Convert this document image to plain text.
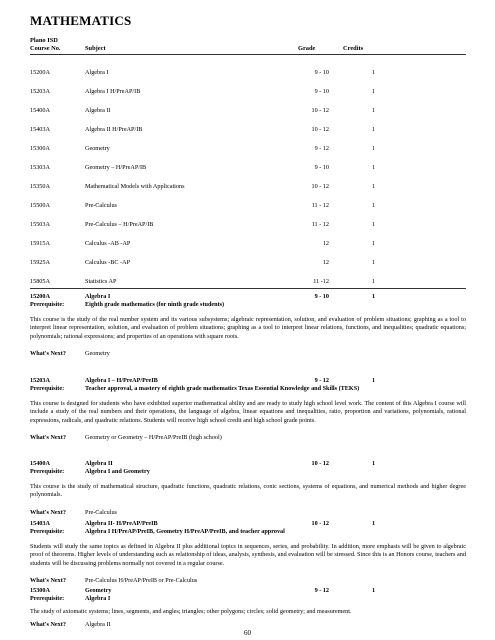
MATHEMATICS
Plano ISD
Course No.	Subject	Grade	Credits
15200A	Algebra I	9 - 10	1
15203A	Algebra I H/PreAP/IB	9 - 10	1
15400A	Algebra II	10 - 12	1
15403A	Algebra II H/PreAP/IB	10 - 12	1
15300A	Geometry	9 - 12	1
15303A	Geometry – H/PreAP/IB	9 - 10	1
15350A	Mathematical Models with Applications	10 - 12	1
15500A	Pre-Calculus	11 - 12	1
15503A	Pre-Calculus – H/PreAP/IB	11 - 12	1
15915A	Calculus -AB -AP	12	1
15925A	Calculus -BC -AP	12	1
15805A	Statistics AP	11 -12	1
15200A	Algebra I	9 - 10	1
Prerequisite:	Eighth grade mathematics (for ninth grade students)
This course is the study of the real number system and its various subsystems; algebraic representation, solution, and evaluation of problem situations; graphing as a tool to interpret linear representation, solution, and evaluation of problem situations; graphing as a tool to interpret linear relations, functions, and inequalities; quadratic equations; polynomials; rational expressions; and properties of an operations with square roots.
What's Next?	Geometry
15203A	Algebra I – H/PreAP/PreIB	9 - 12	1
Prerequisite:	Teacher approval, a mastery of eighth grade mathematics Texas Essential Knowledge and Skills (TEKS)
This course is designed for students who have exhibited superior mathematical ability and are ready to study high school level work. The content of this Algebra I course will include a study of the real numbers and their operations, the language of algebra, linear equations and inequalities, ratio, proportion and variations, polynomials, rational expressions, radicals, and quadratic relations. Students will receive high school credit and high school grade points.
What's Next?	Geometry or Geometry – H/PreAP/PreIB (high school)
15400A	Algebra II	10 - 12	1
Prerequisite:	Algebra I and Geometry
This course is the study of mathematical structure, quadratic functions, quadratic relations, conic sections, systems of equations, and numerical methods and higher degree polynomials.
What's Next?	Pre-Calculus
15403A	Algebra II- H/PreAP/PreIB	10 - 12	1
Prerequisite:	Algebra I H/PreAP/PreIB, Geometry H/PreAP/PreIB, and teacher approval
Students will study the same topics as defined in Algebra II plus additional topics in sequences, series, and probability. In addition, more emphasis will be given to algebraic proof of theorems. Higher levels of understanding such as relationship of ideas, analysis, synthesis, and evaluation will be stressed. Since this is an Honors course, teachers and students will be discussing problems normally not covered in a regular course.
What's Next?	Pre-Calculus H/PreAP/PreIB or Pre-Calculus
15300A	Geometry	9 - 12	1
Prerequisite:	Algebra I
The study of axiomatic systems; lines, segments, and angles; triangles; other polygons; circles; solid geometry; and measurement.
What's Next?	Algebra II
60
